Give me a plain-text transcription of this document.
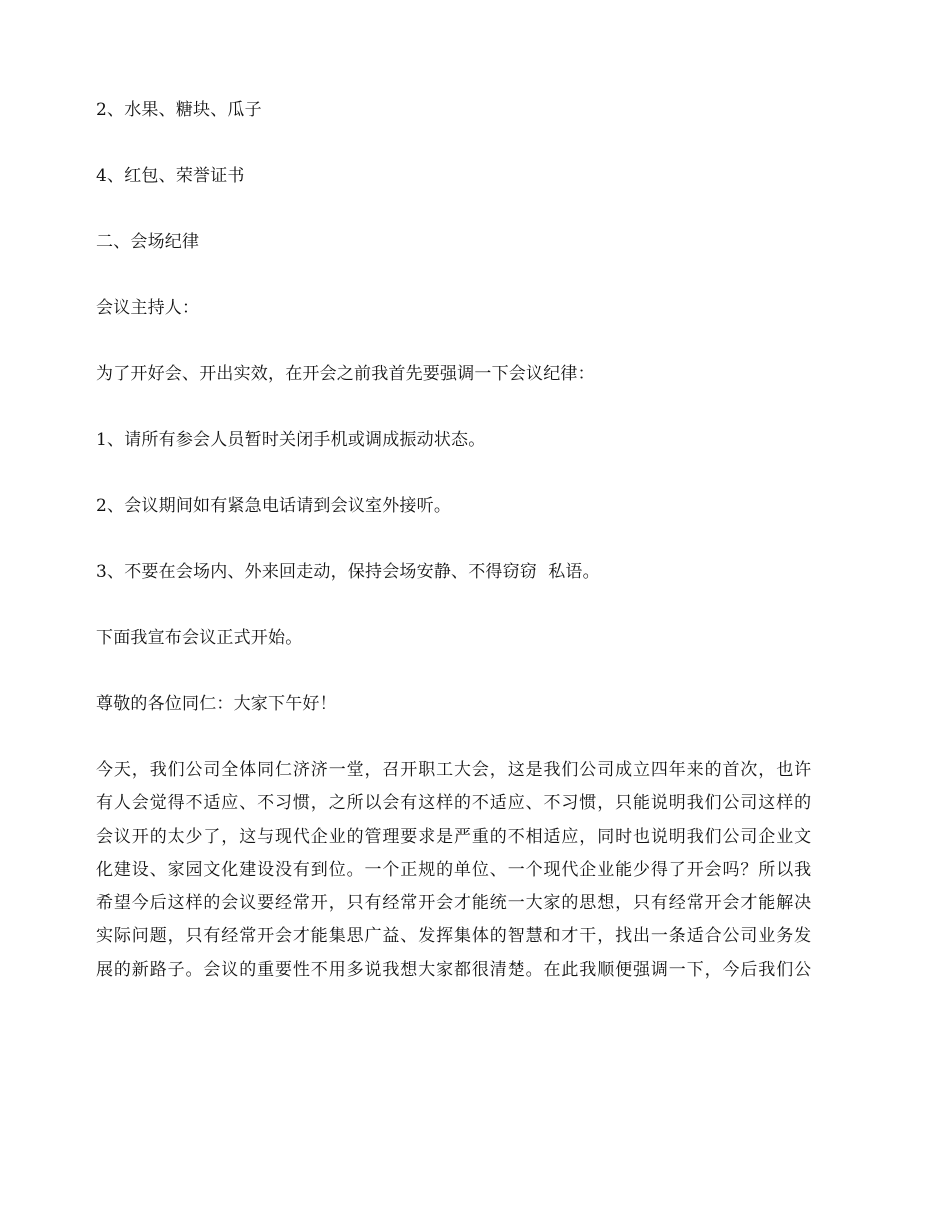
2、水果、糖块、瓜子

4、红包、荣誉证书

二、会场纪律

会议主持人：

为了开好会、开出实效，在开会之前我首先要强调一下会议纪律：

1、请所有参会人员暂时关闭手机或调成振动状态。

2、会议期间如有紧急电话请到会议室外接听。

3、不要在会场内、外来回走动，保持会场安静、不得窃窃  私语。

下面我宣布会议正式开始。

尊敬的各位同仁：大家下午好！

今天，我们公司全体同仁济济一堂，召开职工大会，这是我们公司成立四年来的首次，也许
有人会觉得不适应、不习惯，之所以会有这样的不适应、不习惯，只能说明我们公司这样的
会议开的太少了，这与现代企业的管理要求是严重的不相适应，同时也说明我们公司企业文
化建设、家园文化建设没有到位。一个正规的单位、一个现代企业能少得了开会吗？所以我
希望今后这样的会议要经常开，只有经常开会才能统一大家的思想，只有经常开会才能解决
实际问题，只有经常开会才能集思广益、发挥集体的智慧和才干，找出一条适合公司业务发
展的新路子。会议的重要性不用多说我想大家都很清楚。在此我顺便强调一下，今后我们公
